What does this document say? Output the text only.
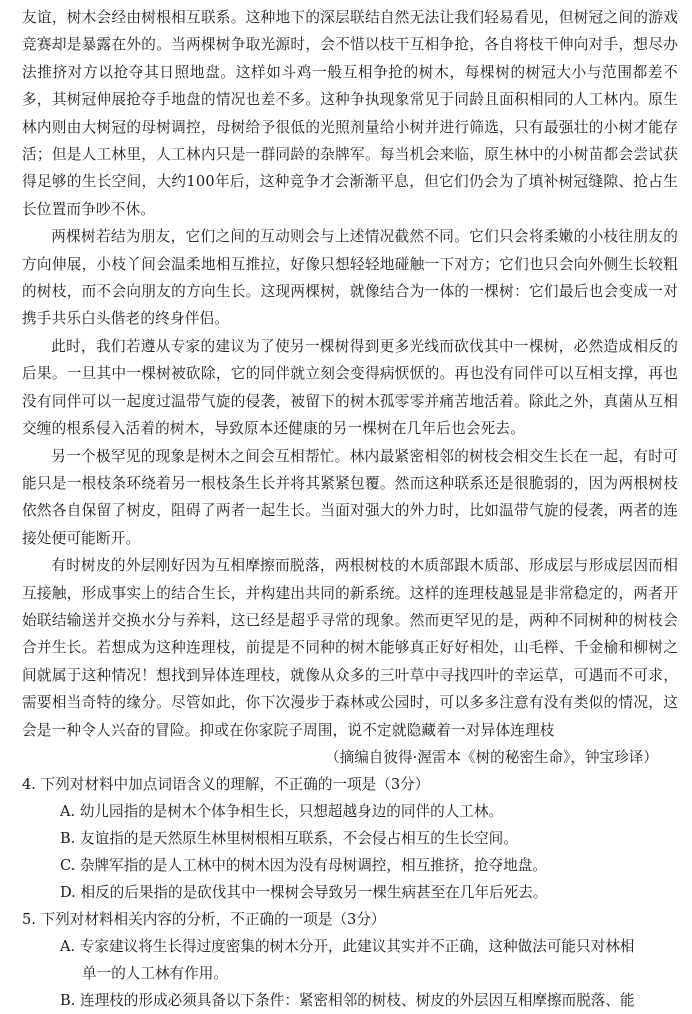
友谊，树木会经由树根相互联系。这种地下的深层联结自然无法让我们轻易看见，但树冠之间的游戏竞赛却是暴露在外的。当两棵树争取光源时，会不惜以枝干互相争抢，各自将枝干伸向对手，想尽办法推挤对方以抢夺其日照地盘。这样如斗鸡一般互相争抢的树木，每棵树的树冠大小与范围都差不多，其树冠伸展抢夺手地盘的情况也差不多。这种争执现象常见于同龄且面积相同的人工林内。原生林内则由大树冠的母树调控，母树给予很低的光照剂量给小树并进行筛选，只有最强壮的小树才能存活；但是人工林里，人工林内只是一群同龄的杂牌军。每当机会来临，原生林中的小树苗都会尝试获得足够的生长空间，大约100年后，这种竞争才会渐渐平息，但它们仍会为了填补树冠缝隙、抢占生长位置而争吵不休。

两棵树若结为朋友，它们之间的互动则会与上述情况截然不同。它们只会将柔嫩的小枝往朋友的方向伸展，小枝丫间会温柔地相互推拉，好像只想轻轻地碰触一下对方；它们也只会向外侧生长较粗的树枝，而不会向朋友的方向生长。这现两棵树，就像结合为一体的一棵树：它们最后也会变成一对携手共乐白头偕老的终身伴侣。

此时，我们若遵从专家的建议为了使另一棵树得到更多光线而砍伐其中一棵树，必然造成相反的后果。一旦其中一棵树被砍除，它的同伴就立刻会变得病恹恹的。再也没有同伴可以互相支撑，再也没有同伴可以一起度过温带气旋的侵袭，被留下的树木孤零零并痛苦地活着。除此之外，真菌从互相交缠的根系侵入活着的树木，导致原本还健康的另一棵树在几年后也会死去。

另一个极罕见的现象是树木之间会互相帮忙。林内最紧密相邻的树枝会相交生长在一起，有时可能只是一根枝条环绕着另一根枝条生长并将其紧紧包覆。然而这种联系还是很脆弱的，因为两根树枝依然各自保留了树皮，阻碍了两者一起生长。当面对强大的外力时，比如温带气旋的侵袭，两者的连接处便可能断开。

有时树皮的外层刚好因为互相摩擦而脱落，两根树枝的木质部跟木质部、形成层与形成层因而相互接触，形成事实上的结合生长，并构建出共同的新系统。这样的连理枝越显是非常稳定的，两者开始联结输送并交换水分与养料，这已经是超乎寻常的现象。然而更罕见的是，两种不同树种的树枝会合并生长。若想成为这种连理枝，前提是不同种的树木能够真正好好相处，山毛榉、千金榆和柳树之间就属于这种情况！想找到异体连理枝，就像从众多的三叶草中寻找四叶的幸运草，可遇而不可求，需要相当奇特的缘分。尽管如此，你下次漫步于森林或公园时，可以多多注意有没有类似的情况，这会是一种令人兴奋的冒险。抑或在你家院子周围，说不定就隐藏着一对异体连理枝

（摘编自彼得·渥雷本《树的秘密生命》，钟宝珍译）

4. 下列对材料中加点词语含义的理解，不正确的一项是（3分）

A. 幼儿园指的是树木个体争相生长，只想超越身边的同伴的人工林。

B. 友谊指的是天然原生林里树根相互联系，不会侵占相互的生长空间。

C. 杂牌军指的是人工林中的树木因为没有母树调控，相互推挤，抢夺地盘。

D. 相反的后果指的是砍伐其中一棵树会导致另一棵生病甚至在几年后死去。

5. 下列对材料相关内容的分析，不正确的一项是（3分）

A. 专家建议将生长得过度密集的树木分开，此建议其实并不正确，这种做法可能只对林相

单一的人工林有作用。

B. 连理枝的形成必须具备以下条件：紧密相邻的树枝、树皮的外层因互相摩擦而脱落、能
